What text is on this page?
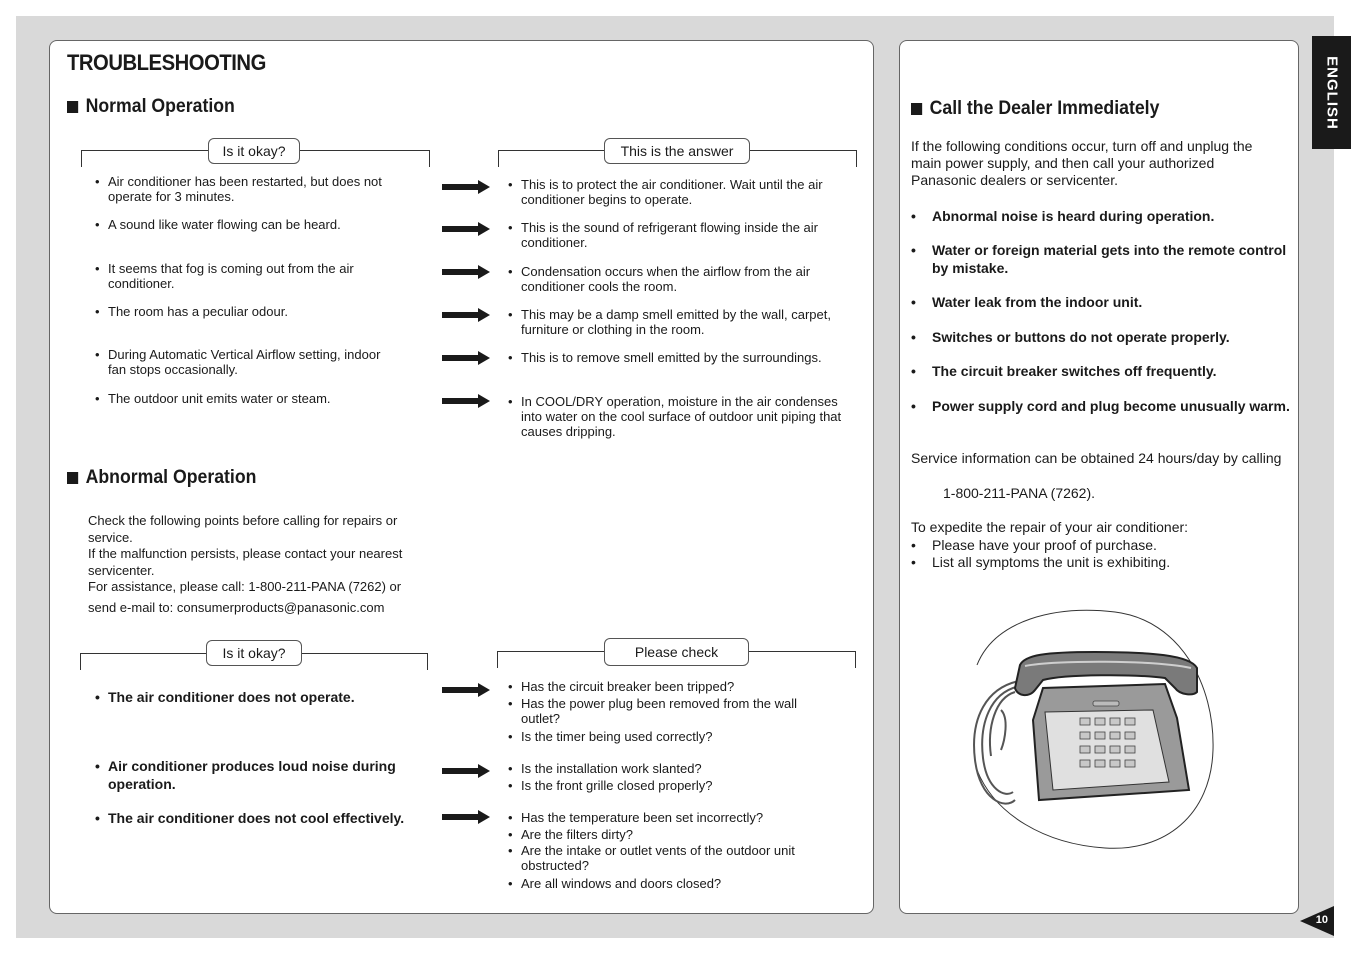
TROUBLESHOOTING
Normal Operation
Is it okay?	This is the answer
• Air conditioner has been restarted, but does not operate for 3 minutes.
• A sound like water flowing can be heard.
• It seems that fog is coming out from the air conditioner.
• The room has a peculiar odour.
• During Automatic Vertical Airflow setting, indoor fan stops occasionally.
• The outdoor unit emits water or steam.
• This is to protect the air conditioner. Wait until the air conditioner begins to operate.
• This is the sound of refrigerant flowing inside the air conditioner.
• Condensation occurs when the airflow from the air conditioner cools the room.
• This may be a damp smell emitted by the wall, carpet, furniture or clothing in the room.
• This is to remove smell emitted by the surroundings.
• In COOL/DRY operation, moisture in the air condenses into water on the cool surface of outdoor unit piping that causes dripping.
Abnormal Operation
Check the following points before calling for repairs or service.
If the malfunction persists, please contact your nearest servicenter.
For assistance, please call: 1-800-211-PANA (7262) or
send e-mail to: consumerproducts@panasonic.com
Is it okay?	Please check
• The air conditioner does not operate.
• Air conditioner produces loud noise during operation.
• The air conditioner does not cool effectively.
• Has the circuit breaker been tripped?
• Has the power plug been removed from the wall outlet?
• Is the timer being used correctly?
• Is the installation work slanted?
• Is the front grille closed properly?
• Has the temperature been set incorrectly?
• Are the filters dirty?
• Are the intake or outlet vents of the outdoor unit obstructed?
• Are all windows and doors closed?
Call the Dealer Immediately
If the following conditions occur, turn off and unplug the main power supply, and then call your authorized Panasonic dealers or servicenter.
• Abnormal noise is heard during operation.
• Water or foreign material gets into the remote control by mistake.
• Water leak from the indoor unit.
• Switches or buttons do not operate properly.
• The circuit breaker switches off frequently.
• Power supply cord and plug become unusually warm.
Service information can be obtained 24 hours/day by calling
1-800-211-PANA (7262).
To expedite the repair of your air conditioner:
• Please have your proof of purchase.
• List all symptoms the unit is exhibiting.
ENGLISH
10
